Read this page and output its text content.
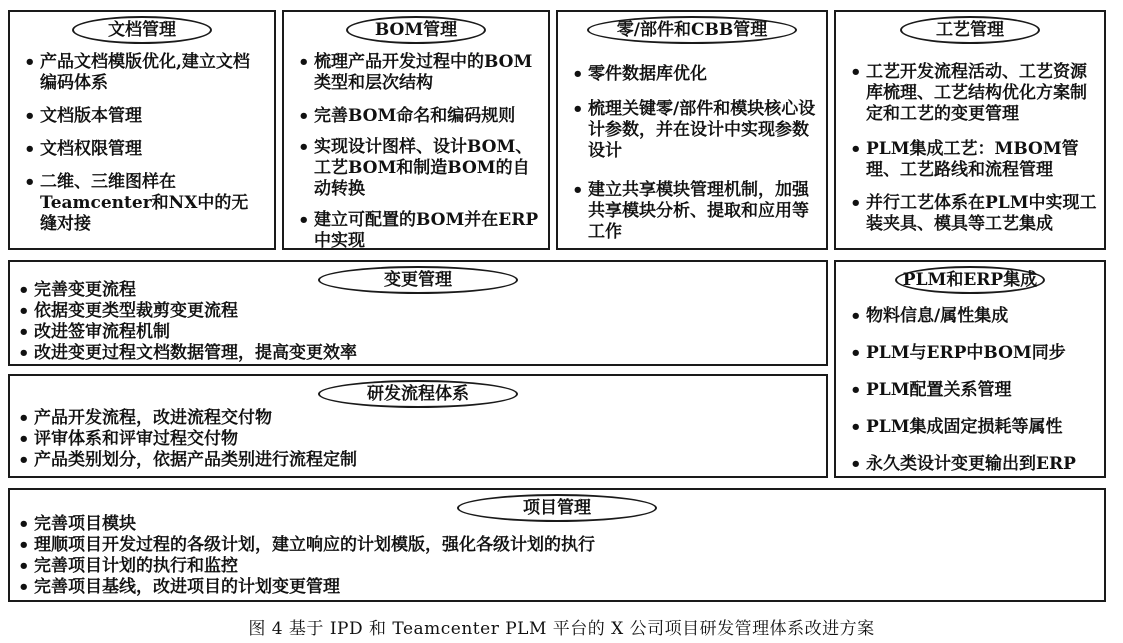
文档管理
• 产品文档模版优化,建立文档编码体系
• 文档版本管理
• 文档权限管理
• 二维、三维图样在Teamcenter和NX中的无缝对接
BOM管理
• 梳理产品开发过程中的BOM类型和层次结构
• 完善BOM命名和编码规则
• 实现设计图样、设计BOM、工艺BOM和制造BOM的自动转换
• 建立可配置的BOM并在ERP中实现
零/部件和CBB管理
• 零件数据库优化
• 梳理关键零/部件和模块核心设计参数，并在设计中实现参数设计
• 建立共享模块管理机制，加强共享模块分析、提取和应用等工作
工艺管理
• 工艺开发流程活动、工艺资源库梳理、工艺结构优化方案制定和工艺的变更管理
• PLM集成工艺：MBOM管理、工艺路线和流程管理
• 并行工艺体系在PLM中实现工装夹具、模具等工艺集成
变更管理
• 完善变更流程
• 依据变更类型裁剪变更流程
• 改进签审流程机制
• 改进变更过程文档数据管理，提高变更效率
PLM和ERP集成
• 物料信息/属性集成
• PLM与ERP中BOM同步
• PLM配置关系管理
• PLM集成固定损耗等属性
• 永久类设计变更输出到ERP
研发流程体系
• 产品开发流程，改进流程交付物
• 评审体系和评审过程交付物
• 产品类别划分，依据产品类别进行流程定制
项目管理
• 完善项目模块
• 理顺项目开发过程的各级计划，建立响应的计划模版，强化各级计划的执行
• 完善项目计划的执行和监控
• 完善项目基线，改进项目的计划变更管理
图 4 基于 IPD 和 Teamcenter PLM 平台的 X 公司项目研发管理体系改进方案
